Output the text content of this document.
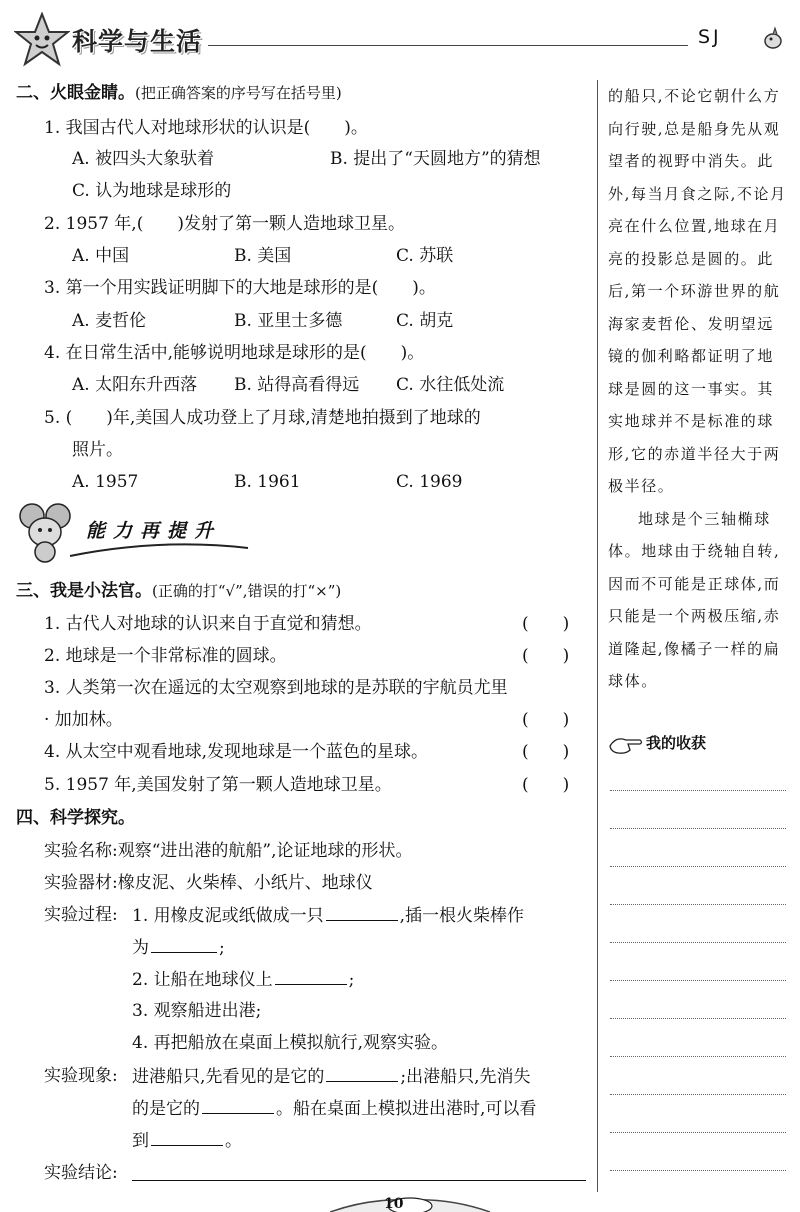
科学与生活	SJ
二、火眼金睛。(把正确答案的序号写在括号里)
1. 我国古代人对地球形状的认识是(　　)。
A. 被四头大象驮着	B. 提出了“天圆地方”的猜想
C. 认为地球是球形的
2. 1957 年,(　　)发射了第一颗人造地球卫星。
A. 中国	B. 美国	C. 苏联
3. 第一个用实践证明脚下的大地是球形的是(　　)。
A. 麦哲伦	B. 亚里士多德	C. 胡克
4. 在日常生活中,能够说明地球是球形的是(　　)。
A. 太阳东升西落 B. 站得高看得远 C. 水往低处流
5. (　　)年,美国人成功登上了月球,清楚地拍摄到了地球的
照片。
A. 1957	B. 1961	C. 1969
能力再提升
三、我是小法官。(正确的打“√”,错误的打“×”)
1. 古代人对地球的认识来自于直觉和猜想。	(　　)
2. 地球是一个非常标准的圆球。	(　　)
3. 人类第一次在遥远的太空观察到地球的是苏联的宇航员尤里
· 加加林。	(　　)
4. 从太空中观看地球,发现地球是一个蓝色的星球。	(　　)
5. 1957 年,美国发射了第一颗人造地球卫星。	(　　)
四、科学探究。
实验名称:观察“进出港的航船”,论证地球的形状。
实验器材:橡皮泥、火柴棒、小纸片、地球仪
实验过程: 1. 用橡皮泥或纸做成一只	,插一根火柴棒作
为	;
2. 让船在地球仪上	;
3. 观察船进出港;
4. 再把船放在桌面上模拟航行,观察实验。
实验现象: 进港船只,先看见的是它的	;出港船只,先消失
的是它的	。船在桌面上模拟进出港时,可以看
到	。
实验结论:

的船只,不论它朝什么方向行驶,总是船身先从观望者的视野中消失。此外,每当月食之际,不论月亮在什么位置,地球在月亮的投影总是圆的。此后,第一个环游世界的航海家麦哲伦、发明望远镜的伽利略都证明了地球是圆的这一事实。其实地球并不是标准的球形,它的赤道半径大于两极半径。

地球是个三轴椭球体。地球由于绕轴自转,因而不可能是正球体,而只能是一个两极压缩,赤道隆起,像橘子一样的扁球体。

我的收获
10
